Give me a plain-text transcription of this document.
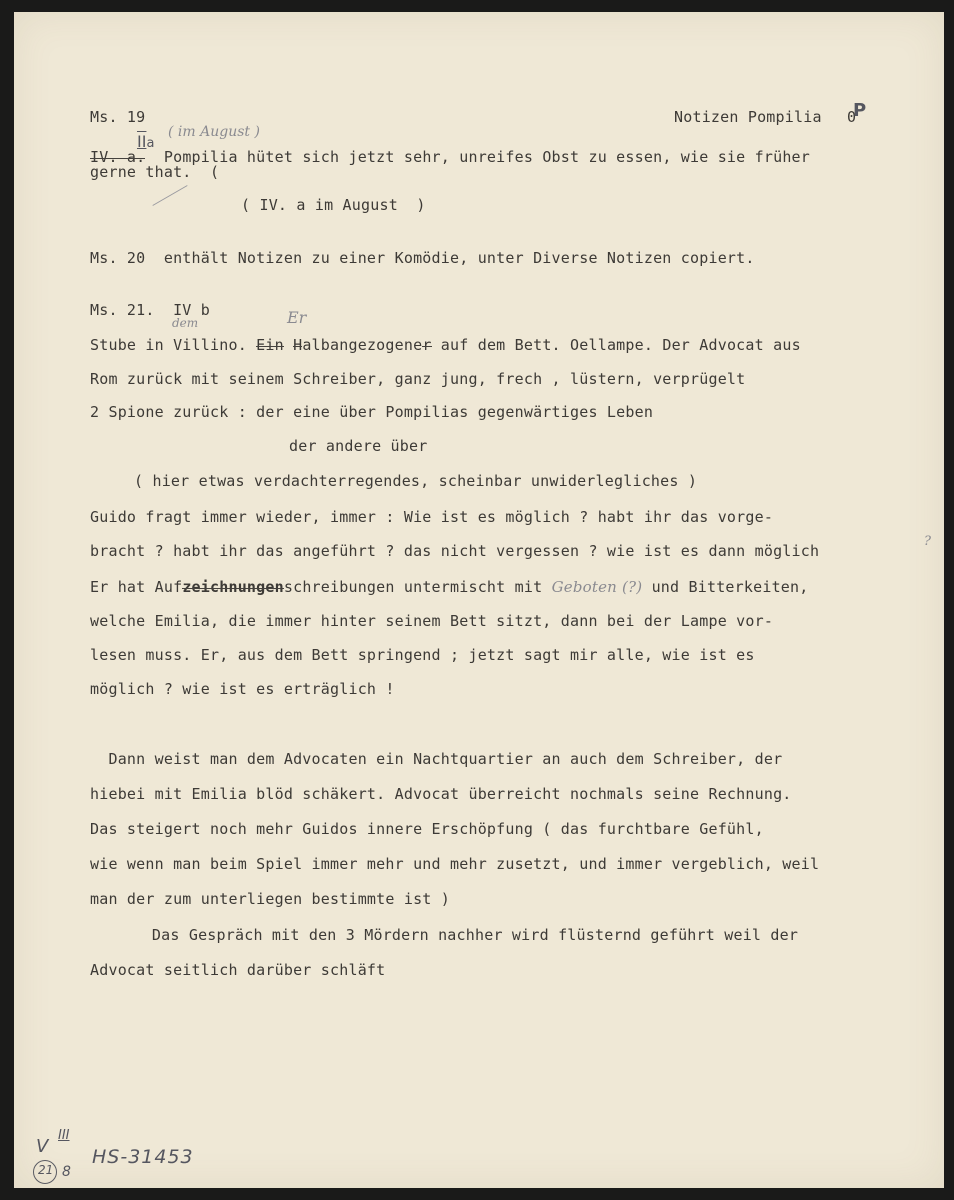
Ms. 19	Notizen Pompilia 0
P
IIa
( im August )
IV. a. Pompilia hütet sich jetzt sehr, unreifes Obst zu essen, wie sie früher
gerne that. (
( IV. a im August  )
Ms. 20  enthält Notizen zu einer Komödie, unter Diverse Notizen copiert.
Ms. 21.  IV b
dem	Er
Stube in Villino. Ein Halbangezogener auf dem Bett. Oellampe. Der Advocat aus
Rom zurück mit seinem Schreiber, ganz jung, frech , lüstern, verprügelt
2 Spione zurück : der eine über Pompilias gegenwärtiges Leben
der andere über
( hier etwas verdachterregendes, scheinbar unwiderlegliches )
Guido fragt immer wieder, immer : Wie ist es möglich ? habt ihr das vorge-
bracht ? habt ihr das angeführt ? das nicht vergessen ? wie ist es dann möglich
?
Er hat Aufzeichnungenschreibungen untermischt mit Geboten (?) und Bitterkeiten,
welche Emilia, die immer hinter seinem Bett sitzt, dann bei der Lampe vor-
lesen muss. Er, aus dem Bett springend ; jetzt sagt mir alle, wie ist es
möglich ? wie ist es erträglich !
Dann weist man dem Advocaten ein Nachtquartier an auch dem Schreiber, der
hiebei mit Emilia blöd schäkert. Advocat überreicht nochmals seine Rechnung.
Das steigert noch mehr Guidos innere Erschöpfung ( das furchtbare Gefühl,
wie wenn man beim Spiel immer mehr und mehr zusetzt, und immer vergeblich, weil
man der zum unterliegen bestimmte ist )
Das Gespräch mit den 3 Mördern nachher wird flüsternd geführt weil der
Advocat seitlich darüber schläft
V
III
21 8
HS-31453
